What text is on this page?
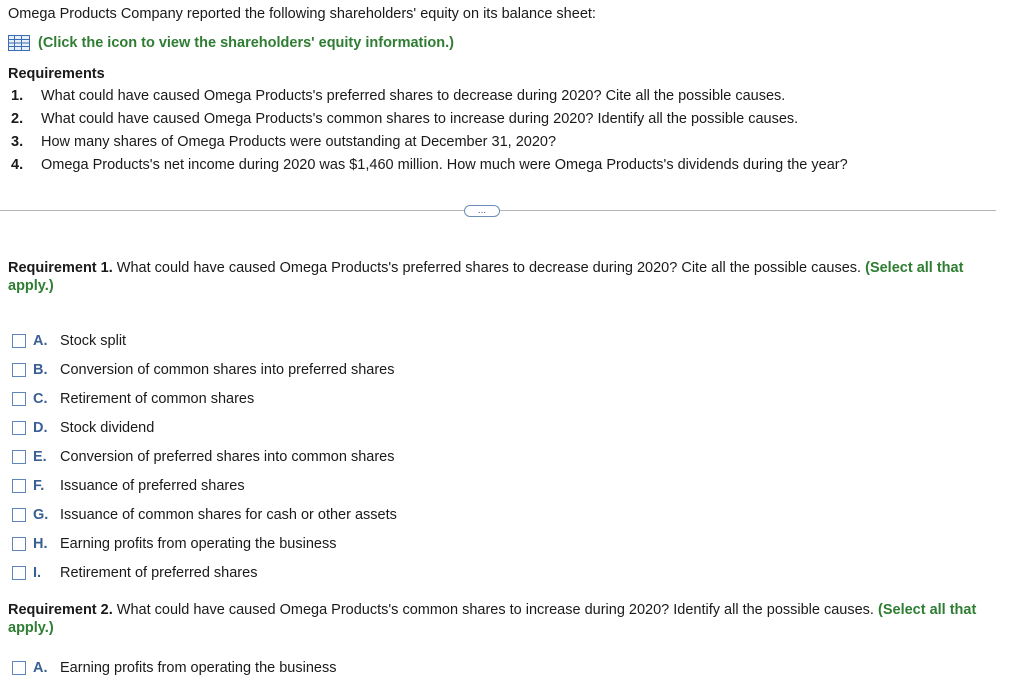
Omega Products Company reported the following shareholders' equity on its balance sheet:
(Click the icon to view the shareholders' equity information.)
Requirements
1.	What could have caused Omega Products's preferred shares to decrease during 2020? Cite all the possible causes.
2.	What could have caused Omega Products's common shares to increase during 2020? Identify all the possible causes.
3.	How many shares of Omega Products were outstanding at December 31, 2020?
4.	Omega Products's net income during 2020 was $1,460 million. How much were Omega Products's dividends during the year?
...
Requirement 1. What could have caused Omega Products's preferred shares to decrease during 2020? Cite all the possible causes. (Select all that apply.)
A. Stock split
B. Conversion of common shares into preferred shares
C. Retirement of common shares
D. Stock dividend
E. Conversion of preferred shares into common shares
F.	Issuance of preferred shares
G. Issuance of common shares for cash or other assets
H. Earning profits from operating the business
I.	Retirement of preferred shares
Requirement 2. What could have caused Omega Products's common shares to increase during 2020? Identify all the possible causes. (Select all that apply.)
A. Earning profits from operating the business
